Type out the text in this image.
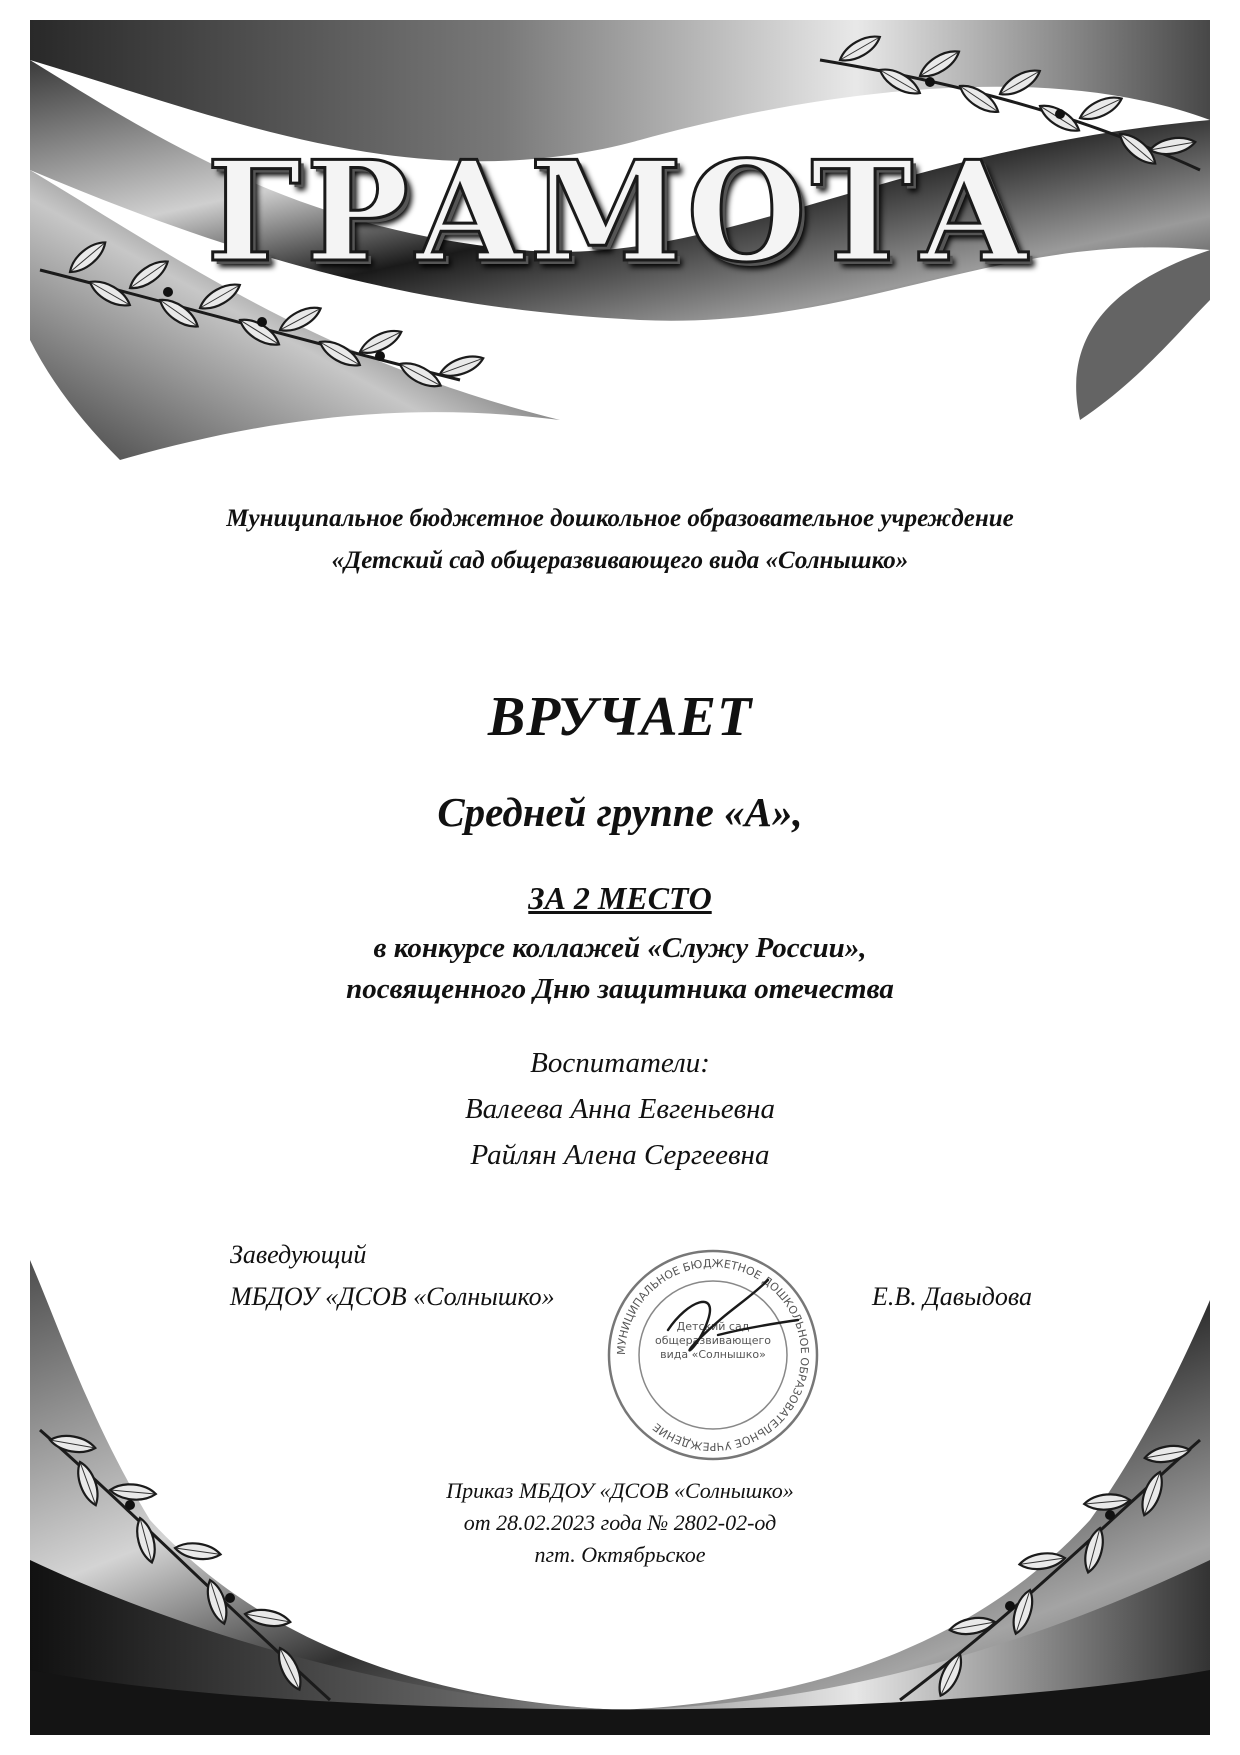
ГРАМОТА
Муниципальное бюджетное дошкольное образовательное учреждение
«Детский сад общеразвивающего вида «Солнышко»
ВРУЧАЕТ
Средней группе «А»,
ЗА 2 МЕСТО
в конкурсе коллажей «Служу России»,
посвященного Дню защитника отечества
Воспитатели:
Валеева Анна Евгеньевна
Райлян Алена Сергеевна
Заведующий
МБДОУ «ДСОВ «Солнышко»	Е.В. Давыдова
МУНИЦИПАЛЬНОЕ БЮДЖЕТНОЕ ДОШКОЛЬНОЕ ОБРАЗОВАТЕЛЬНОЕ УЧРЕЖДЕНИЕ
Детский сад общеразвивающего вида «Солнышко»
Приказ МБДОУ «ДСОВ «Солнышко»
от 28.02.2023 года № 2802-02-од
пгт. Октябрьское
